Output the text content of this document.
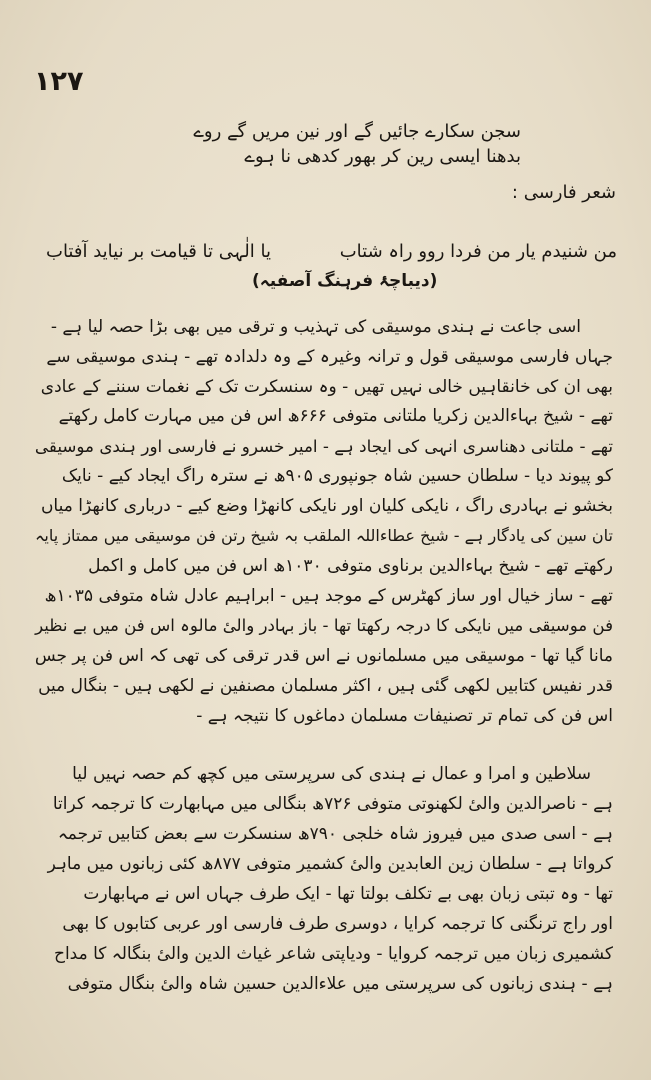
١٢٧
سجن سکارے جائیں گے اور نین مریں گے روے
بدھنا ایسی رین کر بھور کدھی نا ہوے
شعر فارسی :
من شنیدم یار من فردا روو راہ شتاب
یا الٰہی تا قیامت بر نیاید آفتاب
(دیباچۂ فرہنگ آصفیہ)
اسی جاعت نے ہندی موسیقی کی تہذیب و ترقی میں بھی بڑا حصہ لیا ہے -
جہاں فارسی موسیقی قول و ترانہ وغیرہ کے وہ دلدادہ تھے - ہندی موسیقی سے
بھی ان کی خانقاہیں خالی نہیں تھیں - وہ سنسکرت تک کے نغمات سننے کے عادی
تھے - شیخ بہاءالدین زکریا ملتانی متوفی ۶۶۶ھ اس فن میں مہارت کامل رکھتے
تھے - ملتانی دھناسری انہی کی ایجاد ہے - امیر خسرو نے فارسی اور ہندی موسیقی
کو پیوند دیا - سلطان حسین شاہ جونپوری ۹۰۵ھ نے سترہ راگ ایجاد کیے - نایک
بخشو نے بہادری راگ ، نایکی کلیان اور نایکی کانھڑا وضع کیے - درباری کانھڑا میاں
تان سین کی یادگار ہے - شیخ عطاءاللہ الملقب بہ شیخ رتن فن موسیقی میں ممتاز پایہ
رکھتے تھے - شیخ بہاءالدین برناوی متوفی ۱۰۳۰ھ اس فن میں کامل و اکمل
تھے - ساز خیال اور ساز کھٹرس کے موجد ہیں - ابراہیم عادل شاہ متوفی ۱۰۳۵ھ
فن موسیقی میں نایکی کا درجہ رکھتا تھا - باز بہادر والیٔ مالوہ اس فن میں بے نظیر
مانا گیا تھا - موسیقی میں مسلمانوں نے اس قدر ترقی کی تھی کہ اس فن پر جس
قدر نفیس کتابیں لکھی گئی ہیں ، اکثر مسلمان مصنفین نے لکھی ہیں - بنگال میں
اس فن کی تمام تر تصنیفات مسلمان دماغوں کا نتیجہ ہے -
سلاطین و امرا و عمال نے ہندی کی سرپرستی میں کچھ کم حصہ نہیں لیا
ہے - ناصرالدین والیٔ لکھنوتی متوفی ۷۲۶ھ بنگالی میں مہابھارت کا ترجمہ کراتا
ہے - اسی صدی میں فیروز شاہ خلجی ۷۹۰ھ سنسکرت سے بعض کتابیں ترجمہ
کرواتا ہے - سلطان زین العابدین والیٔ کشمیر متوفی ۸۷۷ھ کئی زبانوں میں ماہر
تھا - وہ تبتی زبان بھی بے تکلف بولتا تھا - ایک طرف جہاں اس نے مہابھارت
اور راج ترنگنی کا ترجمہ کرایا ، دوسری طرف فارسی اور عربی کتابوں کا بھی
کشمیری زبان میں ترجمہ کروایا - ودیاپتی شاعر غیاث الدین والیٔ بنگالہ کا مداح
ہے - ہندی زبانوں کی سرپرستی میں علاءالدین حسین شاہ والیٔ بنگال متوفی
